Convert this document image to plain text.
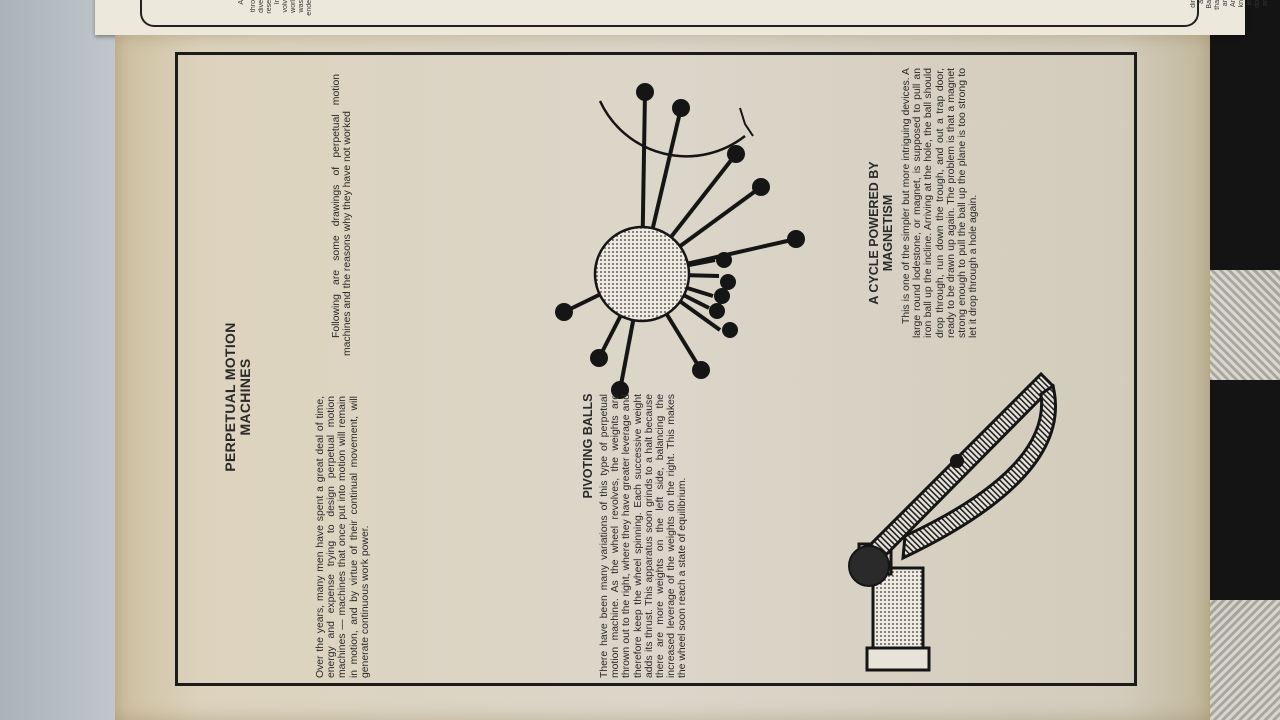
A thro dive rese Ir volv worl was ende	dir a Ba tha ar Ar kn le do ar
PERPETUAL MOTION MACHINES	Over the years, many men have spent a great deal of time, energy and expense trying to design perpetual motion machines — machines that once put into motion will remain in motion, and by virtue of their continual movement, will generate continuous work power.
Following are some drawings of perpetual motion machines and the reasons why they have not worked
PIVOTING BALLS There have been many variations of this type of perpetual motion machine. As the wheel revolves, the weights are thrown out to the right, where they have greater leverage and therefore keep the wheel spinning. Each successive weight adds its thrust. This apparatus soon grinds to a halt because there are more weights on the left side, balancing the increased leverage of the weights on the right. This makes the wheel soon reach a state of equilibrium.
A CYCLE POWERED BY MAGNETISM This is one of the simpler but more intriguing devices. A large round lodestone, or magnet, is supposed to pull an iron ball up the incline. Arriving at the hole, the ball should drop through, run down the trough, and out a trap door, ready to be drawn up again. The problem is that a magnet strong enough to pull the ball up the plane is too strong to let it drop through a hole again.
